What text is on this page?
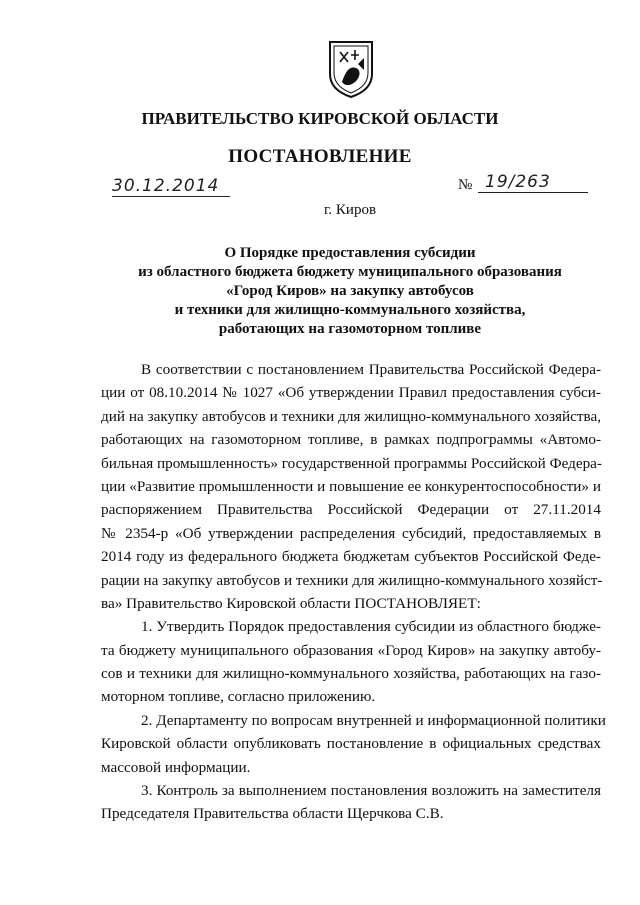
ПРАВИТЕЛЬСТВО КИРОВСКОЙ ОБЛАСТИ
ПОСТАНОВЛЕНИЕ
30.12.2014	№ 19/263
г. Киров
О Порядке предоставления субсидии
из областного бюджета бюджету муниципального образования
«Город Киров» на закупку автобусов
и техники для жилищно-коммунального хозяйства,
работающих на газомоторном топливе
В соответствии с постановлением Правительства Российской Федера-
ции от 08.10.2014 № 1027 «Об утверждении Правил предоставления субси-
дий на закупку автобусов и техники для жилищно-коммунального хозяйства,
работающих на газомоторном топливе, в рамках подпрограммы «Автомо-
бильная промышленность» государственной программы Российской Федера-
ции «Развитие промышленности и повышение ее конкурентоспособности» и
распоряжением Правительства Российской Федерации от 27.11.2014
№ 2354-р «Об утверждении распределения субсидий, предоставляемых в
2014 году из федерального бюджета бюджетам субъектов Российской Феде-
рации на закупку автобусов и техники для жилищно-коммунального хозяйст-
ва» Правительство Кировской области ПОСТАНОВЛЯЕТ:
1. Утвердить Порядок предоставления субсидии из областного бюдже-
та бюджету муниципального образования «Город Киров» на закупку автобу-
сов и техники для жилищно-коммунального хозяйства, работающих на газо-
моторном топливе, согласно приложению.
2. Департаменту по вопросам внутренней и информационной политики
Кировской области опубликовать постановление в официальных средствах
массовой информации.
3. Контроль за выполнением постановления возложить на заместителя
Председателя Правительства области Щерчкова С.В.
